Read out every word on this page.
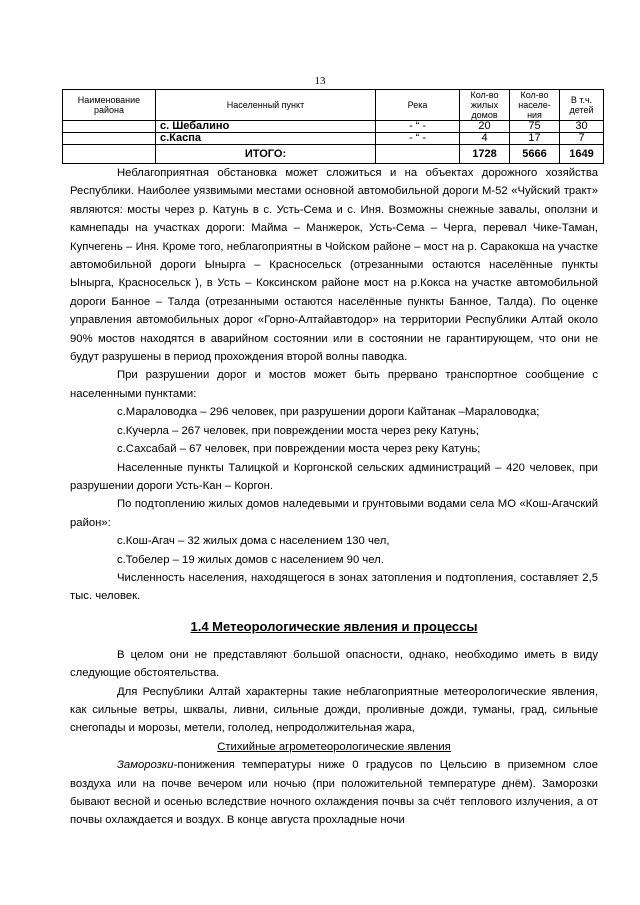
13
Наименование района	Населенный пункт	Река	Кол-во жилых домов	Кол-во населе-ния	В т.ч. детей
	с. Шебалино	- “ -	20	75	30
	с.Каспа	- “ -	4	17	7
	ИТОГО:		1728	5666	1649

Неблагоприятная обстановка может сложиться и на объектах дорожного хозяйства Республики. Наиболее уязвимыми местами основной автомобильной дороги М-52 «Чуйский тракт» являются: мосты через р. Катунь в с. Усть-Сема и с. Иня. Возможны снежные завалы, оползни и камнепады на участках дороги: Майма – Манжерок, Усть-Сема – Черга, перевал Чике-Таман, Купчегень – Иня. Кроме того, неблагоприятны в Чойском районе – мост на р. Саракокша на участке автомобильной дороги Ынырга – Красносельск (отрезанными остаются населённые пункты Ынырга, Красносельск ), в Усть – Коксинском районе мост на р.Кокса на участке автомобильной дороги Банное – Талда (отрезанными остаются населённые пункты Банное, Талда). По оценке управления автомобильных дорог «Горно-Алтайавтодор» на территории Республики Алтай около 90% мостов находятся в аварийном состоянии или в состоянии не гарантирующем, что они не будут разрушены в период прохождения второй волны паводка.

При разрушении дорог и мостов может быть прервано транспортное сообщение с населенными пунктами:

с.Мараловодка – 296 человек, при разрушении дороги Кайтанак –Мараловодка;

с.Кучерла – 267 человек, при повреждении моста через реку Катунь;

с.Сахсабай – 67 человек, при повреждении моста через реку Катунь;

Населенные пункты Талицкой и Коргонской сельских администраций – 420 человек, при разрушении дороги Усть-Кан – Коргон.

По подтоплению жилых домов наледевыми и грунтовыми водами села МО «Кош-Агачский район»:

с.Кош-Агач – 32 жилых дома с населением 130 чел,

с.Тобелер – 19 жилых домов с населением 90 чел.

Численность населения, находящегося в зонах затопления и подтопления, составляет 2,5 тыс. человек.

1.4 Метеорологические явления и процессы

В целом они не представляют большой опасности, однако, необходимо иметь в виду следующие обстоятельства.

Для Республики Алтай характерны такие неблагоприятные метеорологические явления, как сильные ветры, шквалы, ливни, сильные дожди, проливные дожди, туманы, град, сильные снегопады и морозы, метели, гололед, непродолжительная жара,

Стихийные агрометеорологические явления

Заморозки-понижения температуры ниже 0 градусов по Цельсию в приземном слое воздуха или на почве вечером или ночью (при положительной температуре днём). Заморозки бывают весной и осенью вследствие ночного охлаждения почвы за счёт теплового излучения, а от почвы охлаждается и воздух. В конце августа прохладные ночи
